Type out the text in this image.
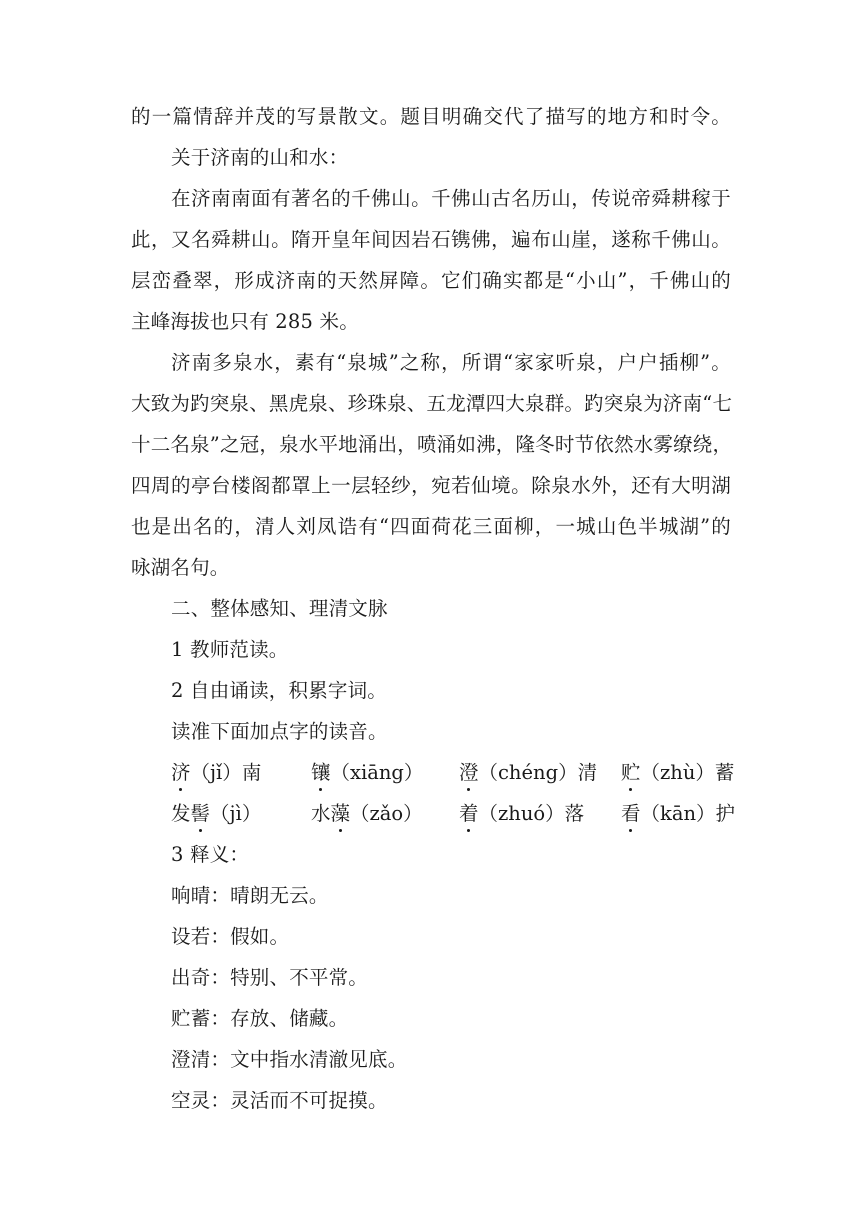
的一篇情辞并茂的写景散文。题目明确交代了描写的地方和时令。
关于济南的山和水：
在济南南面有著名的千佛山。千佛山古名历山，传说帝舜耕稼于
此，又名舜耕山。隋开皇年间因岩石镌佛，遍布山崖，遂称千佛山。
层峦叠翠，形成济南的天然屏障。它们确实都是“小山”，千佛山的
主峰海拔也只有 285 米。
济南多泉水，素有“泉城”之称，所谓“家家听泉，户户插柳”。
大致为趵突泉、黑虎泉、珍珠泉、五龙潭四大泉群。趵突泉为济南“七
十二名泉”之冠，泉水平地涌出，喷涌如沸，隆冬时节依然水雾缭绕，
四周的亭台楼阁都罩上一层轻纱，宛若仙境。除泉水外，还有大明湖
也是出名的，清人刘凤诰有“四面荷花三面柳，一城山色半城湖”的
咏湖名句。
二、整体感知、理清文脉
1 教师范读。
2 自由诵读，积累字词。
读准下面加点字的读音。
济（jǐ）南	镶（xiāng） 澄（chéng）清 贮（zhù）蓄
发髻（jì）	水藻（zǎo） 着（zhuó）落 看（kān）护
3 释义：
响晴：晴朗无云。
设若：假如。
出奇：特别、不平常。
贮蓄：存放、储藏。
澄清：文中指水清澈见底。
空灵：灵活而不可捉摸。
